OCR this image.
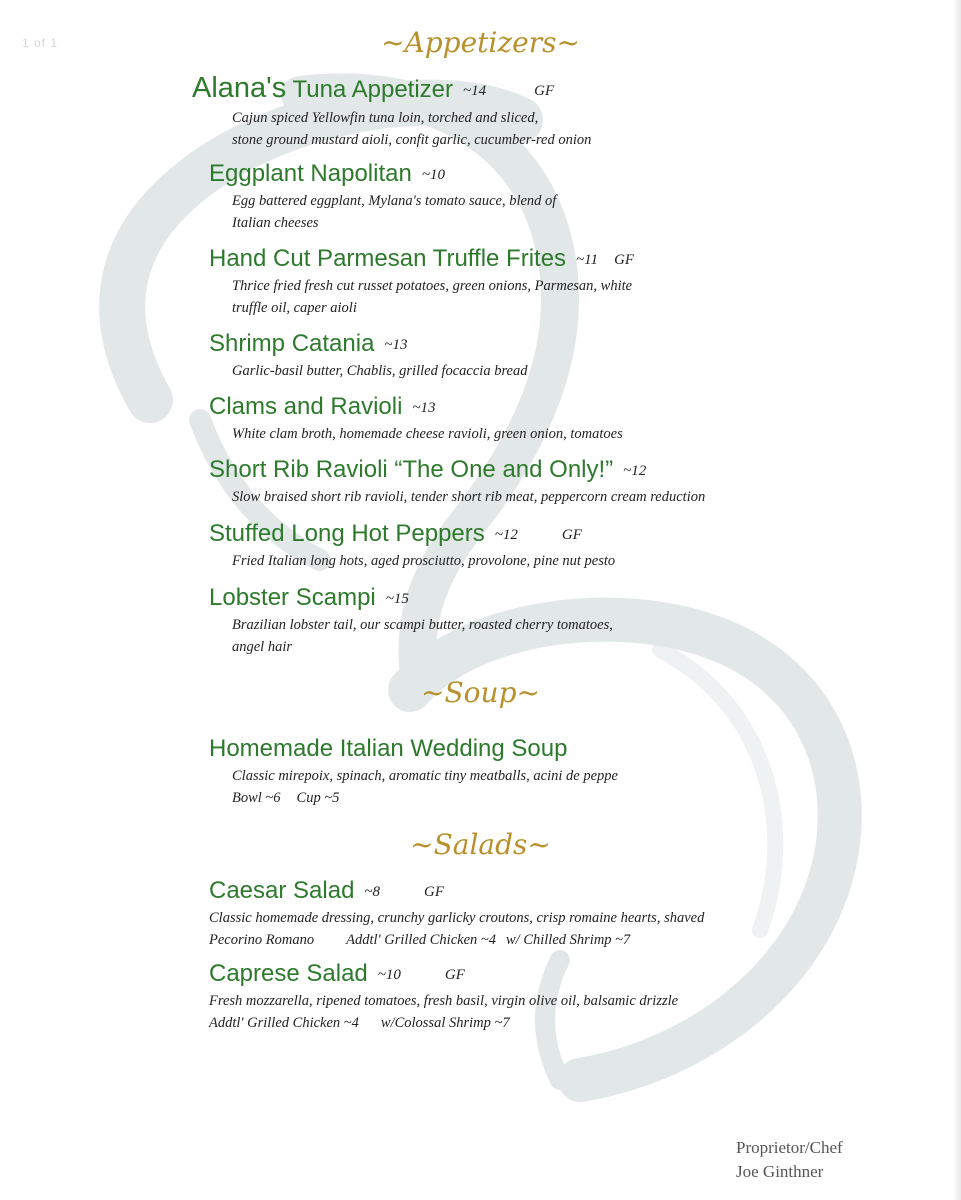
1 of 1	~Appetizers~
Alana's Tuna Appetizer ~14	GF
Cajun spiced Yellowfin tuna loin, torched and sliced,
stone ground mustard aioli, confit garlic, cucumber-red onion
Eggplant Napolitan ~10
Egg battered eggplant, Mylana's tomato sauce, blend of
Italian cheeses
Hand Cut Parmesan Truffle Frites ~11 GF
Thrice fried fresh cut russet potatoes, green onions, Parmesan, white
truffle oil, caper aioli
Shrimp Catania ~13
Garlic-basil butter, Chablis, grilled focaccia bread
Clams and Ravioli ~13
White clam broth, homemade cheese ravioli, green onion, tomatoes
Short Rib Ravioli “The One and Only!” ~12
Slow braised short rib ravioli, tender short rib meat, peppercorn cream reduction
Stuffed Long Hot Peppers ~12	GF
Fried Italian long hots, aged prosciutto, provolone, pine nut pesto
Lobster Scampi ~15
Brazilian lobster tail, our scampi butter, roasted cherry tomatoes,
angel hair
~Soup~
Homemade Italian Wedding Soup
Classic mirepoix, spinach, aromatic tiny meatballs, acini de peppe
Bowl ~6 Cup ~5
~Salads~
Caesar Salad ~8	GF
Classic homemade dressing, crunchy garlicky croutons, crisp romaine hearts, shaved
Pecorino Romano Addtl' Grilled Chicken ~4 w/ Chilled Shrimp ~7
Caprese Salad ~10	GF
Fresh mozzarella, ripened tomatoes, fresh basil, virgin olive oil, balsamic drizzle
Addtl' Grilled Chicken ~4 w/Colossal Shrimp ~7
Proprietor/Chef
Joe Ginthner
